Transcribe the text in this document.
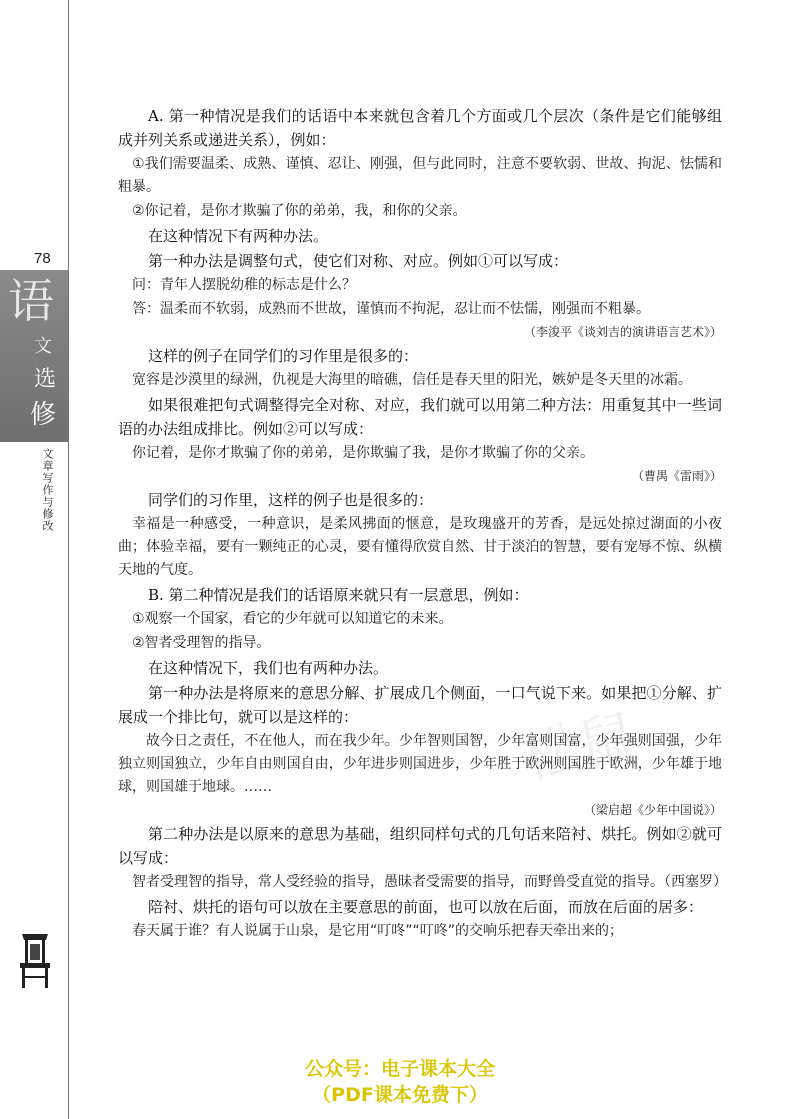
78
语
文
选
修
文章写作与修改
松鼠

A. 第一种情况是我们的话语中本来就包含着几个方面或几个层次（条件是它们能够组成并列关系或递进关系），例如：

①我们需要温柔、成熟、谨慎、忍让、刚强，但与此同时，注意不要软弱、世故、拘泥、怯懦和粗暴。

②你记着，是你才欺骗了你的弟弟，我，和你的父亲。

在这种情况下有两种办法。

第一种办法是调整句式，使它们对称、对应。例如①可以写成：

问：青年人摆脱幼稚的标志是什么？

答：温柔而不软弱，成熟而不世故，谨慎而不拘泥，忍让而不怯懦，刚强而不粗暴。

（李浚平《谈刘吉的演讲语言艺术》）

这样的例子在同学们的习作里是很多的：

宽容是沙漠里的绿洲，仇视是大海里的暗礁，信任是春天里的阳光，嫉妒是冬天里的冰霜。

如果很难把句式调整得完全对称、对应，我们就可以用第二种方法：用重复其中一些词语的办法组成排比。例如②可以写成：

你记着，是你才欺骗了你的弟弟，是你欺骗了我，是你才欺骗了你的父亲。

（曹禺《雷雨》）

同学们的习作里，这样的例子也是很多的：

幸福是一种感受，一种意识，是柔风拂面的惬意，是玫瑰盛开的芳香，是远处掠过湖面的小夜曲；体验幸福，要有一颗纯正的心灵，要有懂得欣赏自然、甘于淡泊的智慧，要有宠辱不惊、纵横天地的气度。

B. 第二种情况是我们的话语原来就只有一层意思，例如：

①观察一个国家，看它的少年就可以知道它的未来。

②智者受理智的指导。

在这种情况下，我们也有两种办法。

第一种办法是将原来的意思分解、扩展成几个侧面，一口气说下来。如果把①分解、扩展成一个排比句，就可以是这样的：

故今日之责任，不在他人，而在我少年。少年智则国智，少年富则国富，少年强则国强，少年独立则国独立，少年自由则国自由，少年进步则国进步，少年胜于欧洲则国胜于欧洲，少年雄于地球，则国雄于地球。……

（梁启超《少年中国说》）

第二种办法是以原来的意思为基础，组织同样句式的几句话来陪衬、烘托。例如②就可以写成：

智者受理智的指导，常人受经验的指导，愚昧者受需要的指导，而野兽受直觉的指导。（西塞罗）

陪衬、烘托的语句可以放在主要意思的前面，也可以放在后面，而放在后面的居多：

春天属于谁？有人说属于山泉，是它用“叮咚”“叮咚”的交响乐把春天牵出来的；

公众号：电子课本大全
（PDF课本免费下）
